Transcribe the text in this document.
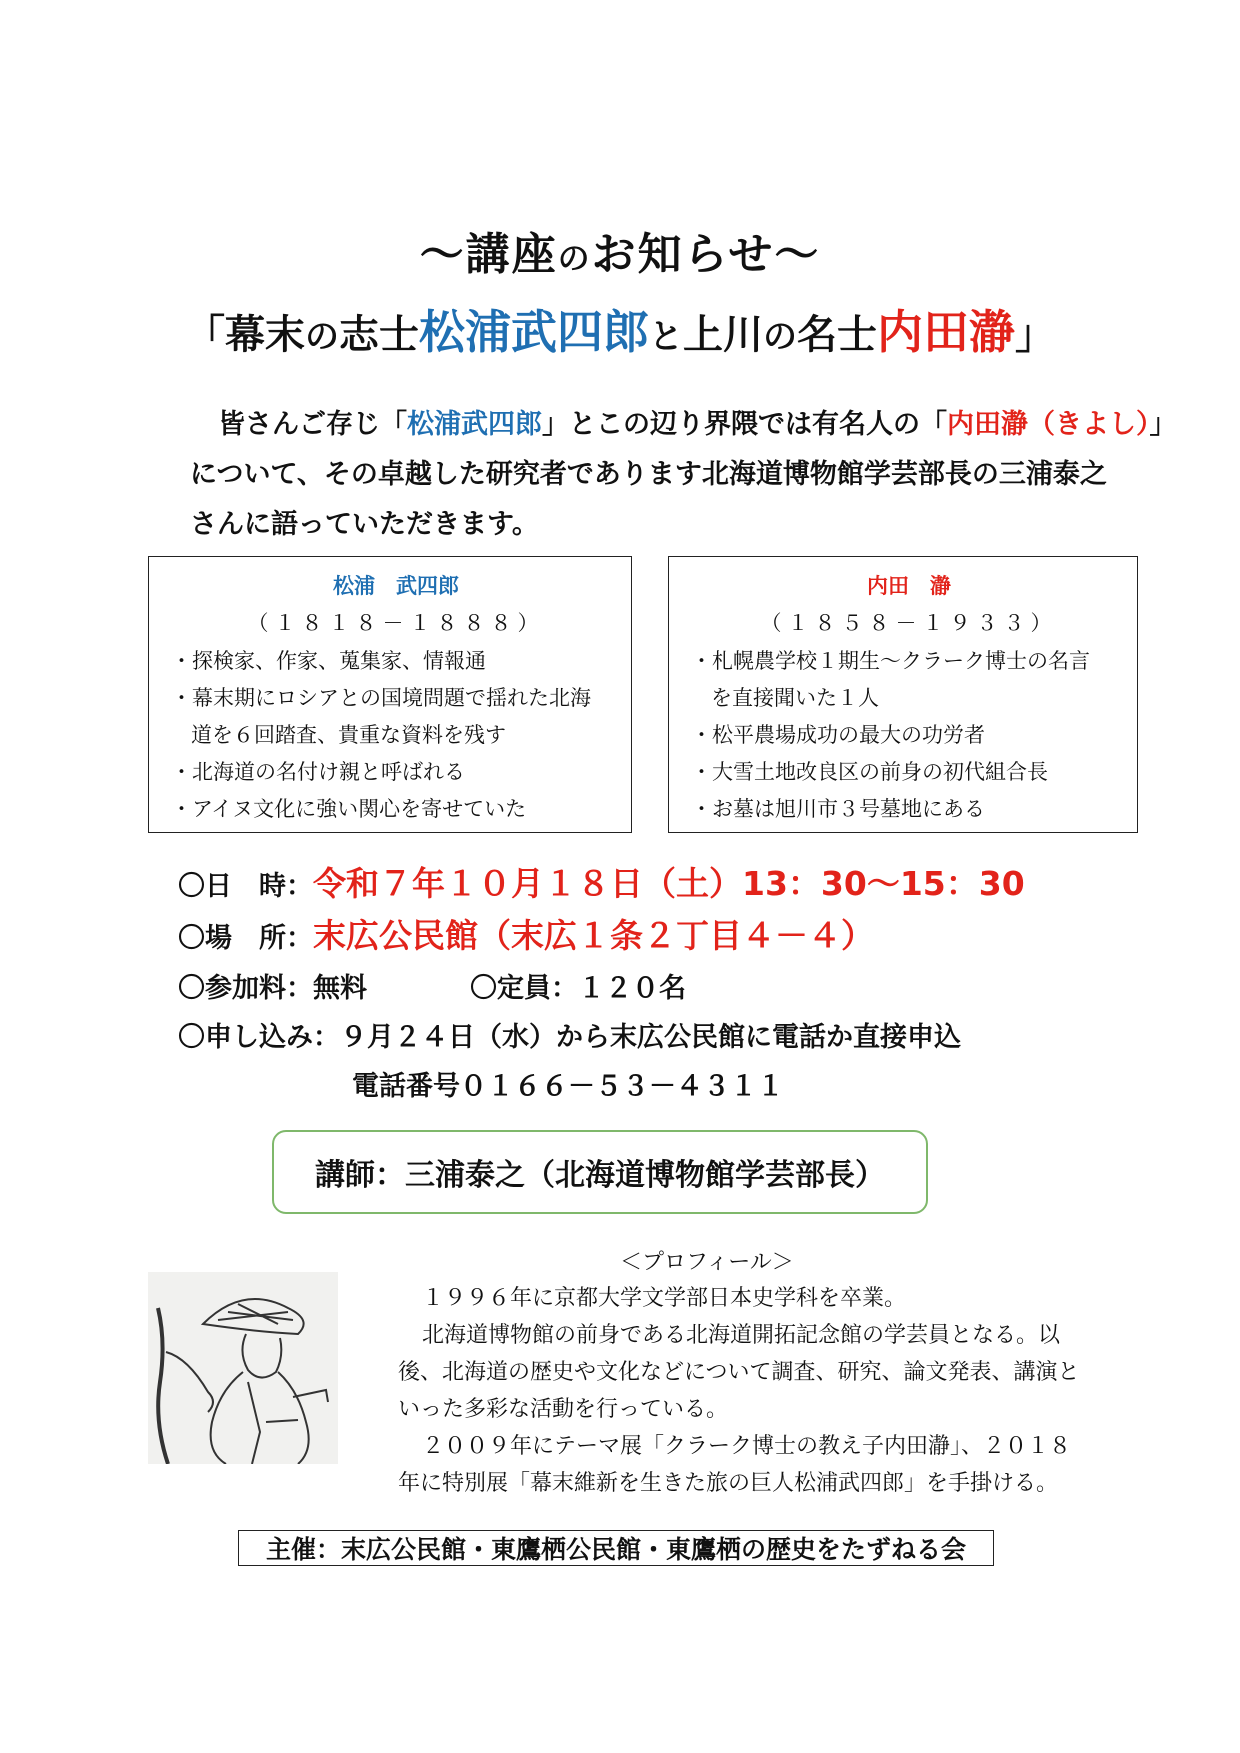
～講座のお知らせ～
「幕末の志士松浦武四郎と上川の名士内田瀞」

皆さんご存じ「松浦武四郎」とこの辺り界隈では有名人の「内田瀞（きよし）」

について、その卓越した研究者であります北海道博物館学芸部長の三浦泰之

さんに語っていただきます。

松浦　武四郎
（１８１８－１８８８）
・探検家、作家、蒐集家、情報通
・幕末期にロシアとの国境問題で揺れた北海
道を６回踏査、貴重な資料を残す
・北海道の名付け親と呼ばれる
・アイヌ文化に強い関心を寄せていた
内田　瀞
（１８５８－１９３３）
・札幌農学校１期生～クラーク博士の名言
を直接聞いた１人
・松平農場成功の最大の功労者
・大雪土地改良区の前身の初代組合長
・お墓は旭川市３号墓地にある
〇日　時：令和７年１０月１８日（土）13：30～15：30
〇場　所：末広公民館（末広１条２丁目４－４）
〇参加料：無料	〇定員：１２０名
〇申し込み：９月２４日（水）から末広公民館に電話か直接申込
電話番号０１６６－５３－４３１１
講師：三浦泰之（北海道博物館学芸部長）
＜プロフィール＞

１９９６年に京都大学文学部日本史学科を卒業。

北海道博物館の前身である北海道開拓記念館の学芸員となる。以

後、北海道の歴史や文化などについて調査、研究、論文発表、講演と

いった多彩な活動を行っている。

２００９年にテーマ展「クラーク博士の教え子内田瀞」、２０１８

年に特別展「幕末維新を生きた旅の巨人松浦武四郎」を手掛ける。

主催：末広公民館・東鷹栖公民館・東鷹栖の歴史をたずねる会
